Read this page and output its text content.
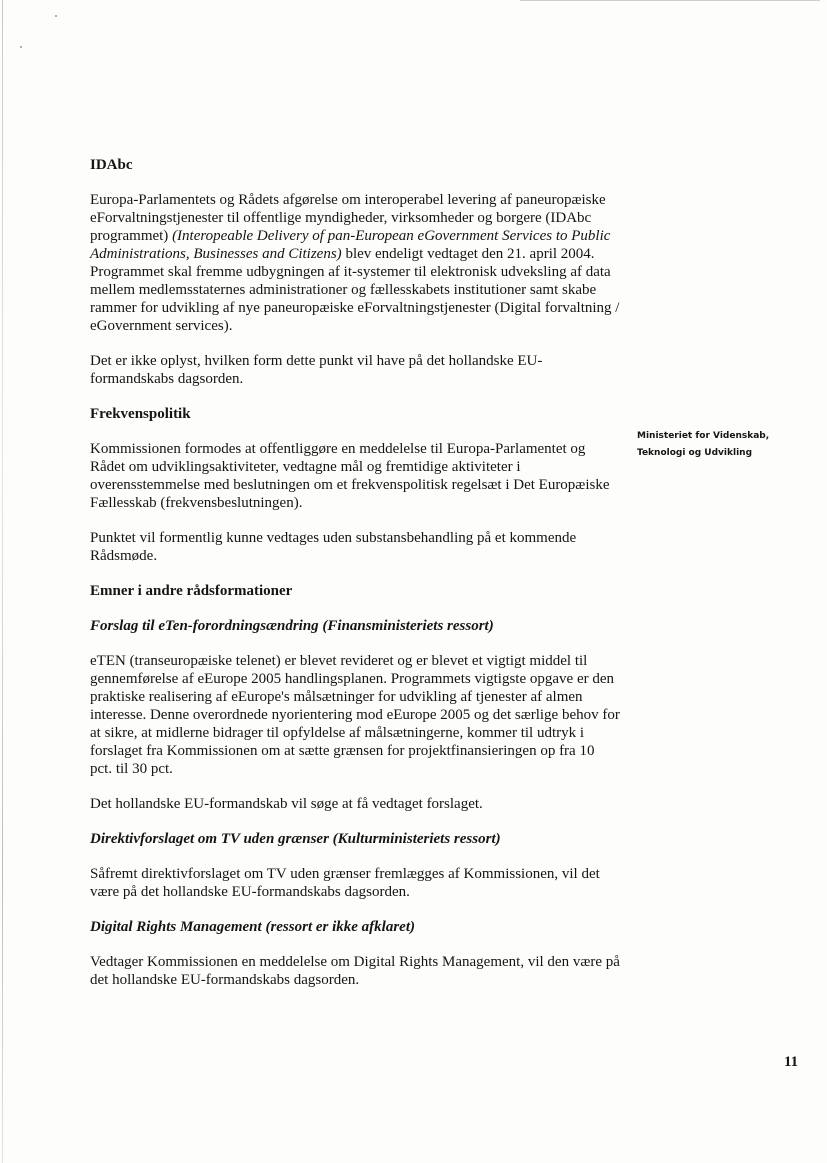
IDAbc

Europa-Parlamentets og Rådets afgørelse om interoperabel levering af paneuropæiske eForvaltningstjenester til offentlige myndigheder, virksomheder og borgere (IDAbc programmet) (Interopeable Delivery of pan-European eGovernment Services to Public Administrations, Businesses and Citizens) blev endeligt vedtaget den 21. april 2004. Programmet skal fremme udbygningen af it-systemer til elektronisk udveksling af data mellem medlemsstaternes administrationer og fællesskabets institutioner samt skabe rammer for udvikling af nye paneuropæiske eForvaltningstjenester (Digital forvaltning / eGovernment services).

Det er ikke oplyst, hvilken form dette punkt vil have på det hollandske EU-formandskabs dagsorden.

Frekvenspolitik

Kommissionen formodes at offentliggøre en meddelelse til Europa-Parlamentet og Rådet om udviklingsaktiviteter, vedtagne mål og fremtidige aktiviteter i overensstemmelse med beslutningen om et frekvenspolitisk regelsæt i Det Europæiske Fællesskab (frekvensbeslutningen).

Punktet vil formentlig kunne vedtages uden substansbehandling på et kommende Rådsmøde.

Emner i andre rådsformationer
Forslag til eTen-forordningsændring (Finansministeriets ressort)

eTEN (transeuropæiske telenet) er blevet revideret og er blevet et vigtigt middel til gennemførelse af eEurope 2005 handlingsplanen. Programmets vigtigste opgave er den praktiske realisering af eEurope's målsætninger for udvikling af tjenester af almen interesse. Denne overordnede nyorientering mod eEurope 2005 og det særlige behov for at sikre, at midlerne bidrager til opfyldelse af målsætningerne, kommer til udtryk i forslaget fra Kommissionen om at sætte grænsen for projektfinansieringen op fra 10 pct. til 30 pct.

Det hollandske EU-formandskab vil søge at få vedtaget forslaget.

Direktivforslaget om TV uden grænser (Kulturministeriets ressort)

Såfremt direktivforslaget om TV uden grænser fremlægges af Kommissionen, vil det være på det hollandske EU-formandskabs dagsorden.

Digital Rights Management (ressort er ikke afklaret)

Vedtager Kommissionen en meddelelse om Digital Rights Management, vil den være på det hollandske EU-formandskabs dagsorden.

Ministeriet for Videnskab,
Teknologi og Udvikling
11
